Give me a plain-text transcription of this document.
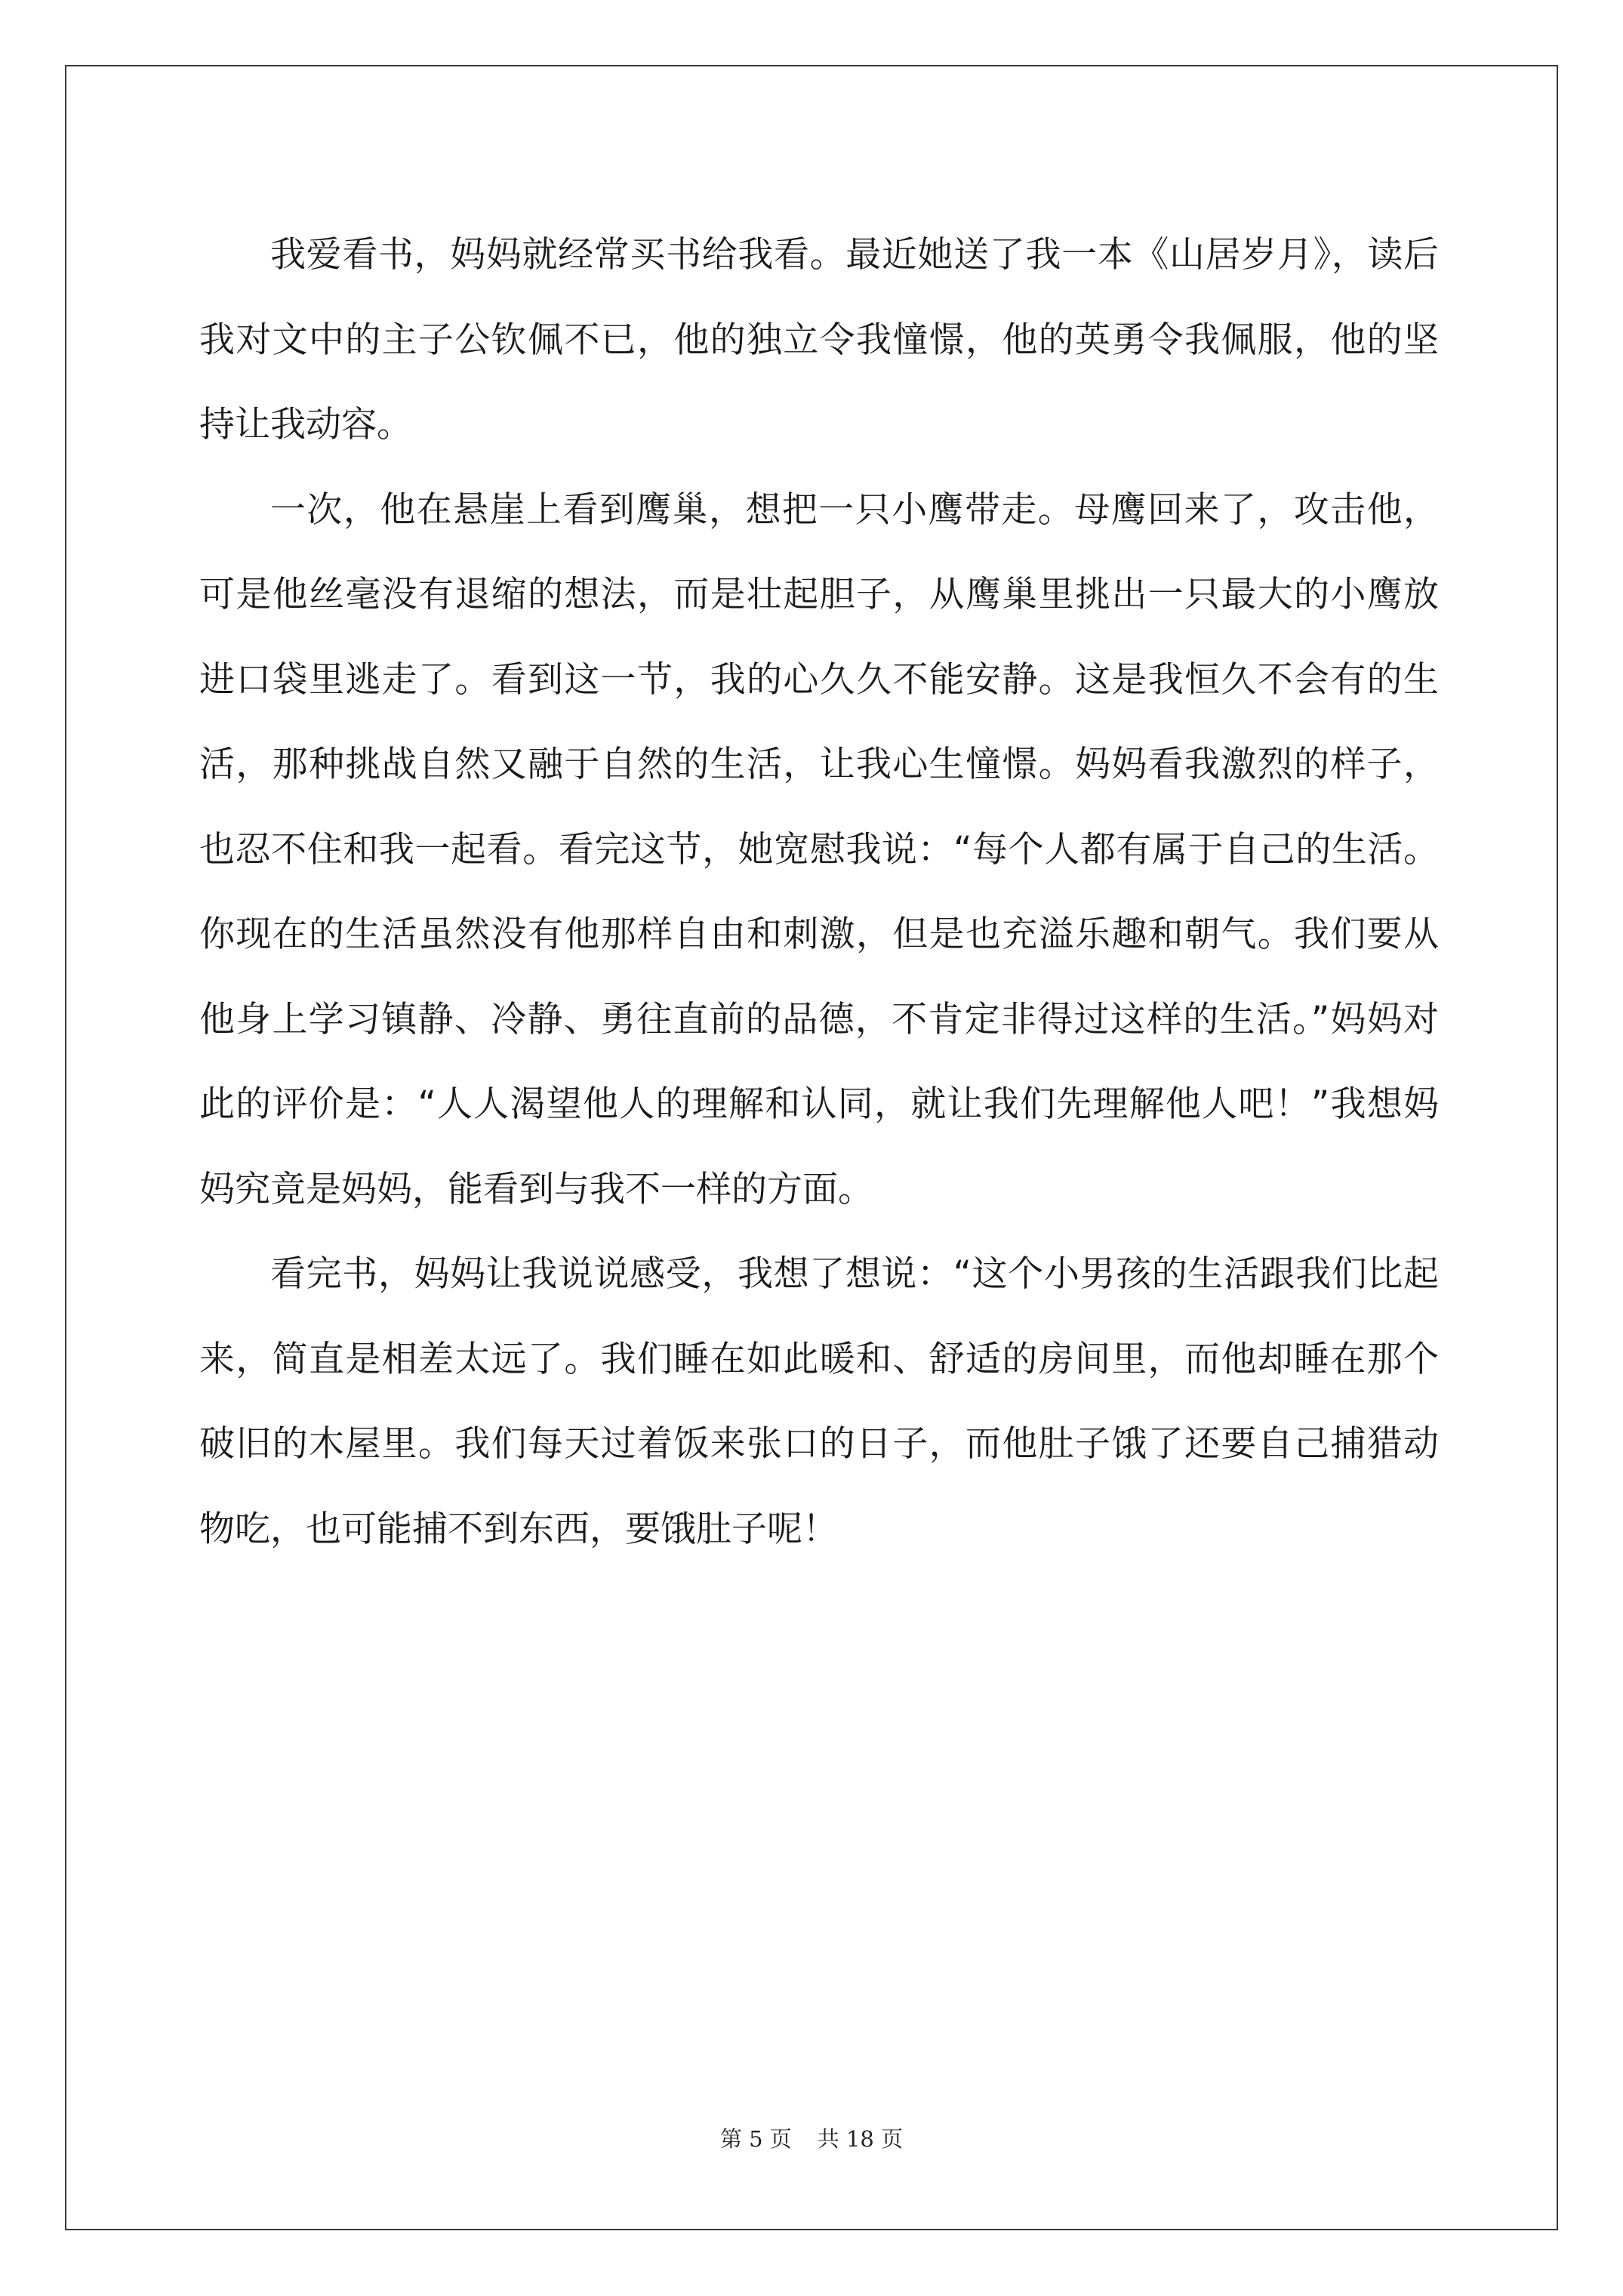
我爱看书，妈妈就经常买书给我看。最近她送了我一本《山居岁月》，读后我对文中的主子公钦佩不已，他的独立令我憧憬，他的英勇令我佩服，他的坚持让我动容。

一次，他在悬崖上看到鹰巢，想把一只小鹰带走。母鹰回来了，攻击他，可是他丝毫没有退缩的想法，而是壮起胆子，从鹰巢里挑出一只最大的小鹰放进口袋里逃走了。看到这一节，我的心久久不能安静。这是我恒久不会有的生活，那种挑战自然又融于自然的生活，让我心生憧憬。妈妈看我激烈的样子，也忍不住和我一起看。看完这节，她宽慰我说：“每个人都有属于自己的生活。你现在的生活虽然没有他那样自由和刺激，但是也充溢乐趣和朝气。我们要从他身上学习镇静、冷静、勇往直前的品德，不肯定非得过这样的生活。”妈妈对此的评价是：“人人渴望他人的理解和认同，就让我们先理解他人吧！”我想妈妈究竟是妈妈，能看到与我不一样的方面。

看完书，妈妈让我说说感受，我想了想说：“这个小男孩的生活跟我们比起来，简直是相差太远了。我们睡在如此暖和、舒适的房间里，而他却睡在那个破旧的木屋里。我们每天过着饭来张口的日子，而他肚子饿了还要自己捕猎动物吃，也可能捕不到东西，要饿肚子呢！

第 5 页 共 18 页
